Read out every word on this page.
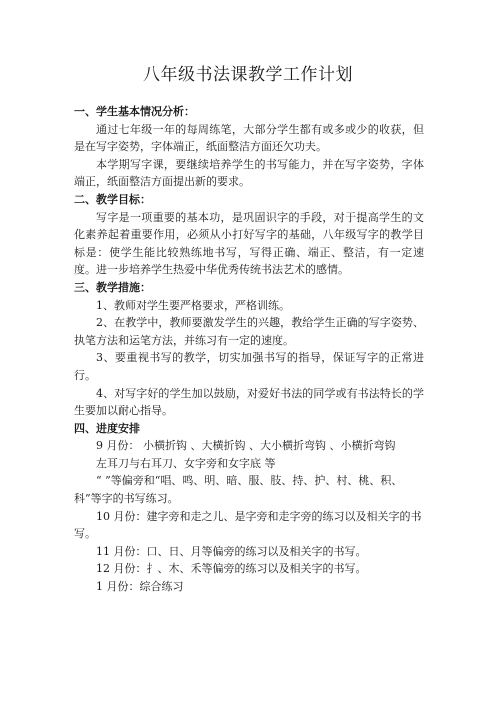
八年级书法课教学工作计划
一、学生基本情况分析：
通过七年级一年的每周练笔，大部分学生都有或多或少的收获，但是在写字姿势，字体端正，纸面整洁方面还欠功夫。
本学期写字课，要继续培养学生的书写能力，并在写字姿势，字体端正，纸面整洁方面提出新的要求。
二、教学目标：
写字是一项重要的基本功，是巩固识字的手段，对于提高学生的文化素养起着重要作用，必须从小打好写字的基础，八年级写字的教学目标是：使学生能比较熟练地书写，写得正确、端正、整洁，有一定速度。进一步培养学生热爱中华优秀传统书法艺术的感情。
三、教学措施：
1、教师对学生要严格要求，严格训练。
2、在教学中，教师要激发学生的兴趣，教给学生正确的写字姿势、执笔方法和运笔方法，并练习有一定的速度。
3、要重视书写的教学，切实加强书写的指导，保证写字的正常进行。
4、对写字好的学生加以鼓励，对爱好书法的同学或有书法特长的学生要加以耐心指导。
四、进度安排
9 月份： 小横折钩 、大横折钩 、大小横折弯钩 、小横折弯钩
左耳刀与右耳刀、女字旁和女字底 等
“ ”等偏旁和“唱、鸣、明、暗、服、肢、持、护、村、桃、积、科”等字的书写练习。
10 月份：建字旁和走之儿、是字旁和走字旁的练习以及相关字的书写。
11 月份：口、日、月等偏旁的练习以及相关字的书写。
12 月份：扌、木、禾等偏旁的练习以及相关字的书写。
1 月份：综合练习
